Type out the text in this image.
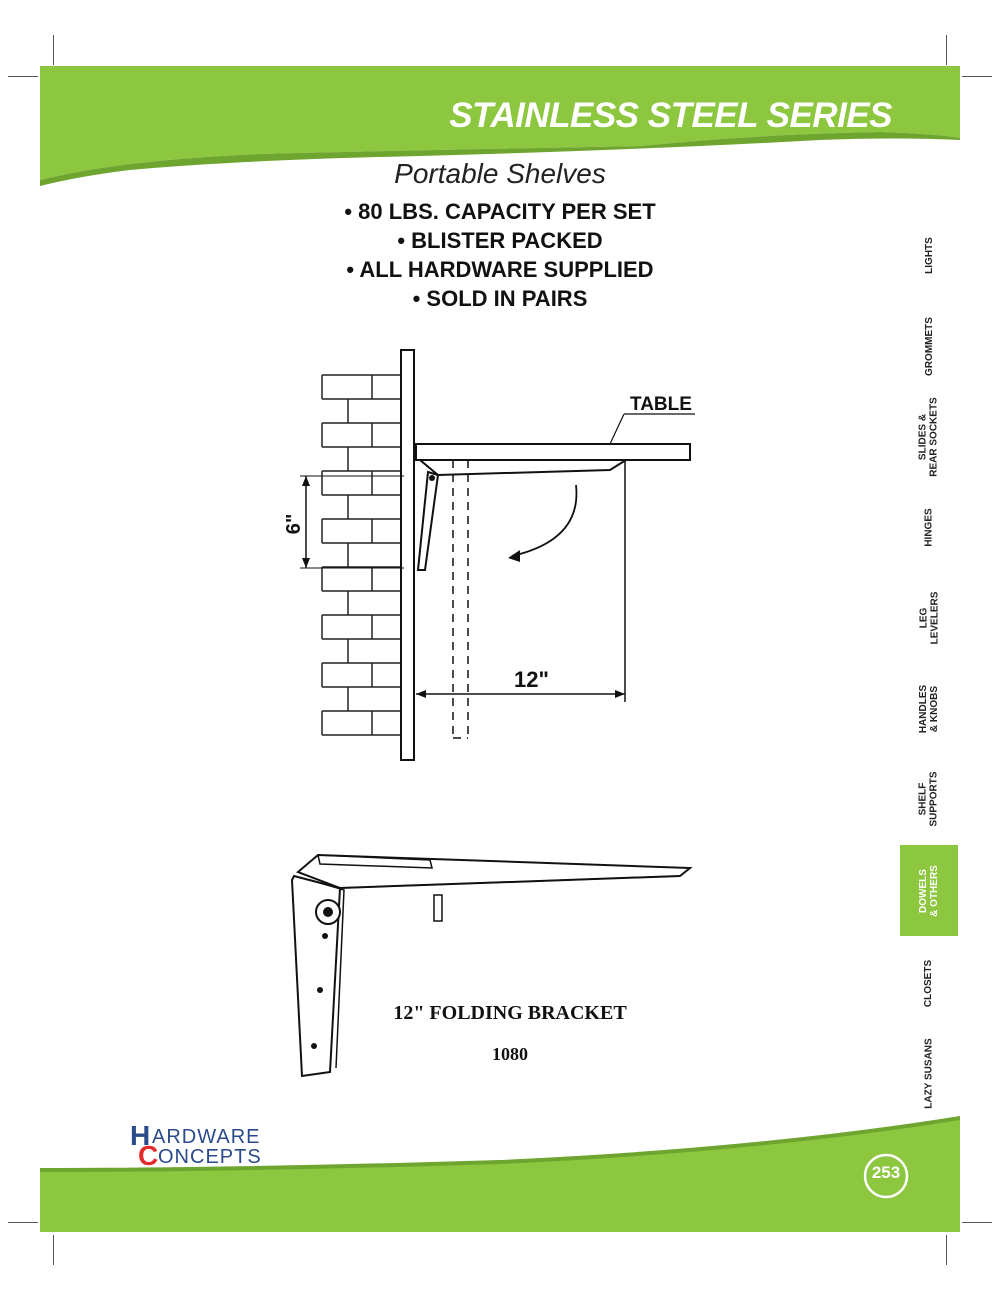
STAINLESS STEEL SERIES
Portable Shelves
• 80 LBS. CAPACITY PER SET
• BLISTER PACKED
• ALL HARDWARE SUPPLIED
• SOLD IN PAIRS
TABLE
12"
6"
12" FOLDING BRACKET
1080
LIGHTS

GROMMETS

SLIDES &
REAR SOCKETS
HINGES

LEG
LEVELERS
HANDLES
& KNOBS
SHELF
SUPPORTS
DOWELS
& OTHERS
CLOSETS

LAZY SUSANS

H ARDWARE
C ONCEPTS
253
